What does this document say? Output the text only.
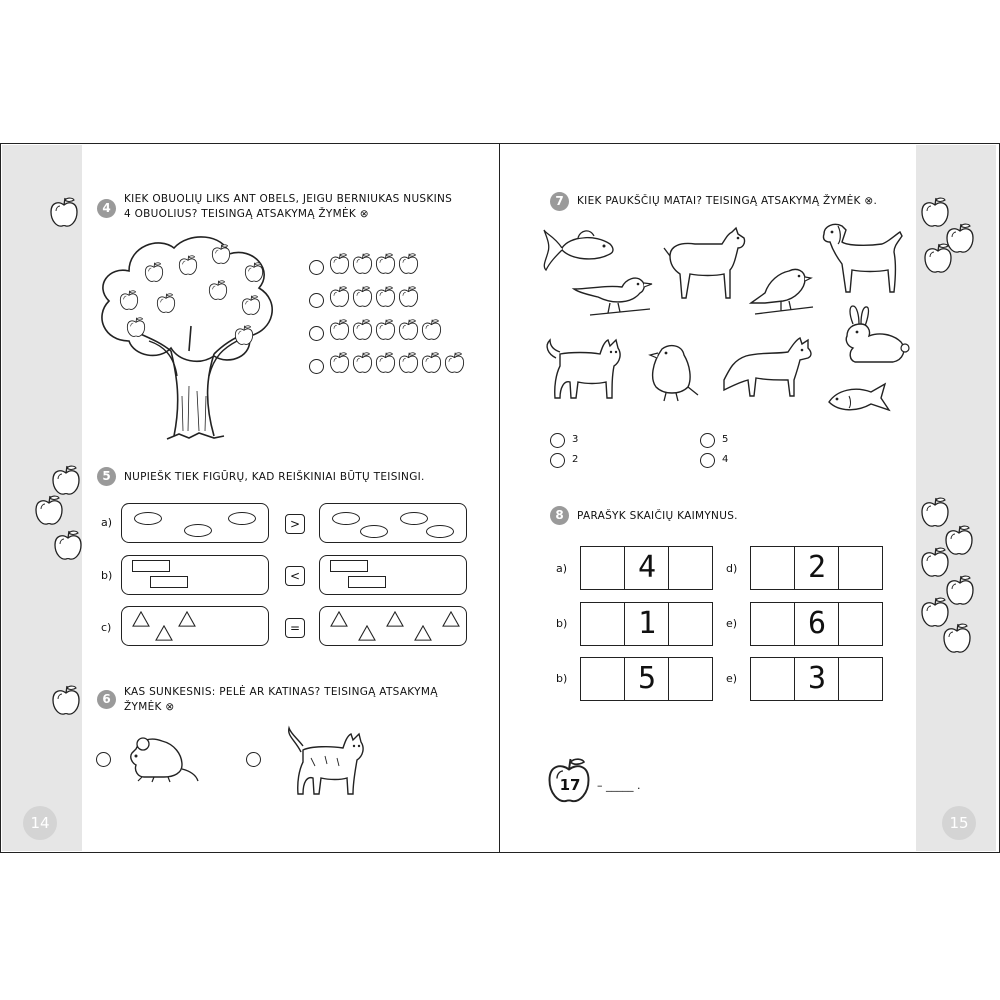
14
4
KIEK OBUOLIŲ LIKS ANT OBELS, JEIGU BERNIUKAS NUSKINS
4 OBUOLIUS? TEISINGĄ ATSAKYMĄ ŽYMĖK ⊗
5	NUPIEŠK TIEK FIGŪRŲ, KAD REIŠKINIAI BŪTŲ TEISINGI.
a)	>
b)	<
c)	=
6	KAS SUNKESNIS: PELĖ AR KATINAS? TEISINGĄ ATSAKYMĄ
ŽYMĖK ⊗
15
7	KIEK PAUKŠČIŲ MATAI? TEISINGĄ ATSAKYMĄ ŽYMĖK ⊗.
3
2
5
4
8	PARAŠYK SKAIČIŲ KAIMYNUS.
a)	4
b)	1
b)	5
d)	2
e)	6
e)	3
17	– _____ .
